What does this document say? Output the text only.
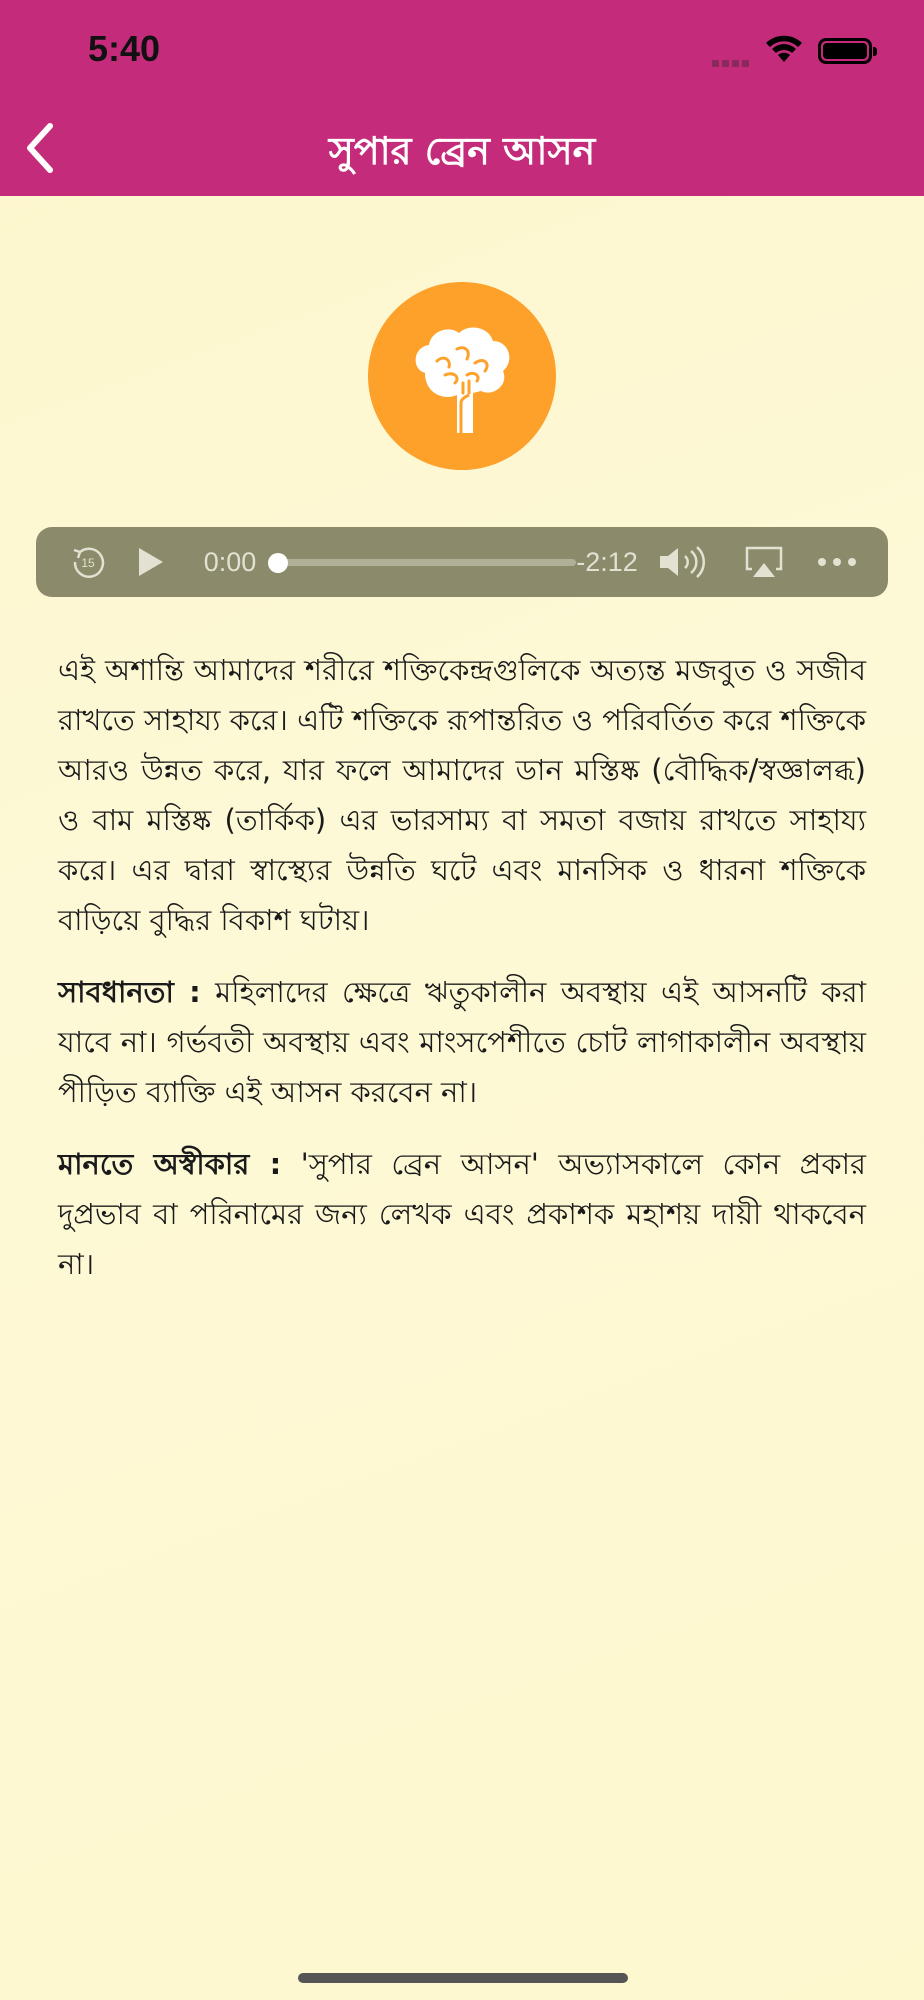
5:40
সুপার ব্রেন আসন
15	0:00	-2:12

এই অশান্তি আমাদের শরীরে শক্তিকেন্দ্রগুলিকে অত্যন্ত মজবুত ও সজীব রাখতে সাহায্য করে। এটি শক্তিকে রূপান্তরিত ও পরিবর্তিত করে শক্তিকে আরও উন্নত করে, যার ফলে আমাদের ডান মস্তিষ্ক (বৌদ্ধিক/স্বজ্ঞালব্ধ) ও বাম মস্তিষ্ক (তার্কিক) এর ভারসাম্য বা সমতা বজায় রাখতে সাহায্য করে। এর দ্বারা স্বাস্থ্যের উন্নতি ঘটে এবং মানসিক ও ধারনা শক্তিকে বাড়িয়ে বুদ্ধির বিকাশ ঘটায়।

সাবধানতা : মহিলাদের ক্ষেত্রে ঋতুকালীন অবস্থায় এই আসনটি করা যাবে না। গর্ভবতী অবস্থায় এবং মাংসপেশীতে চোট লাগাকালীন অবস্থায় পীড়িত ব্যাক্তি এই আসন করবেন না।

মানতে অস্বীকার : 'সুপার ব্রেন আসন' অভ্যাসকালে কোন প্রকার দুপ্রভাব বা পরিনামের জন্য লেখক এবং প্রকাশক মহাশয় দায়ী থাকবেন না।
